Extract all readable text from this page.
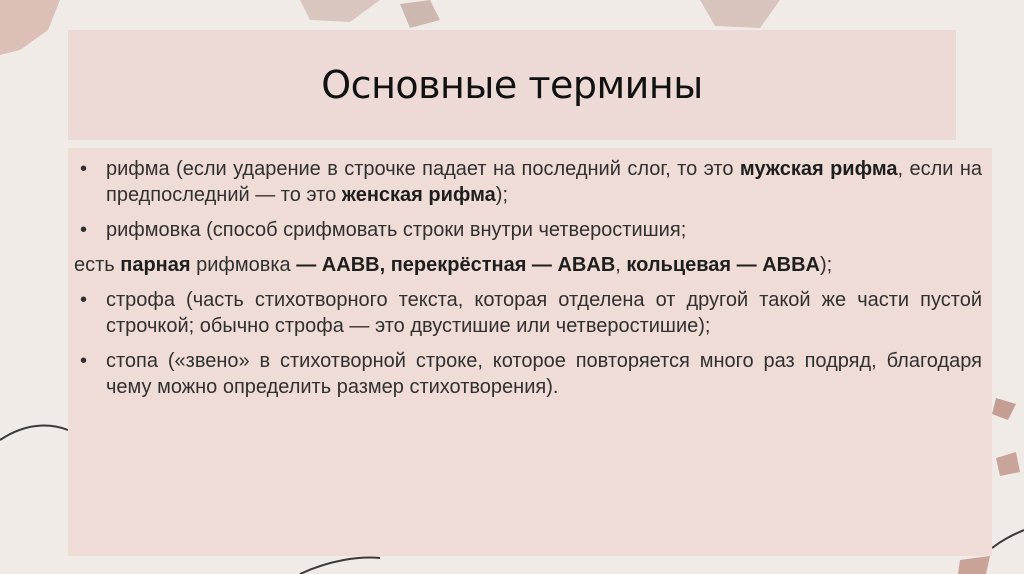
Основные термины
• рифма (если ударение в строчке падает на последний слог, то это мужская рифма, если на предпоследний — то это женская рифма);
• рифмовка (способ срифмовать строки внутри четверостишия;
есть парная рифмовка — AABB, перекрёстная — ABAB, кольцевая — ABBA);
• строфа (часть стихотворного текста, которая отделена от другой такой же части пустой строчкой; обычно строфа — это двустишие или четверостишие);
• стопа («звено» в стихотворной строке, которое повторяется много раз подряд, благодаря чему можно определить размер стихотворения).
